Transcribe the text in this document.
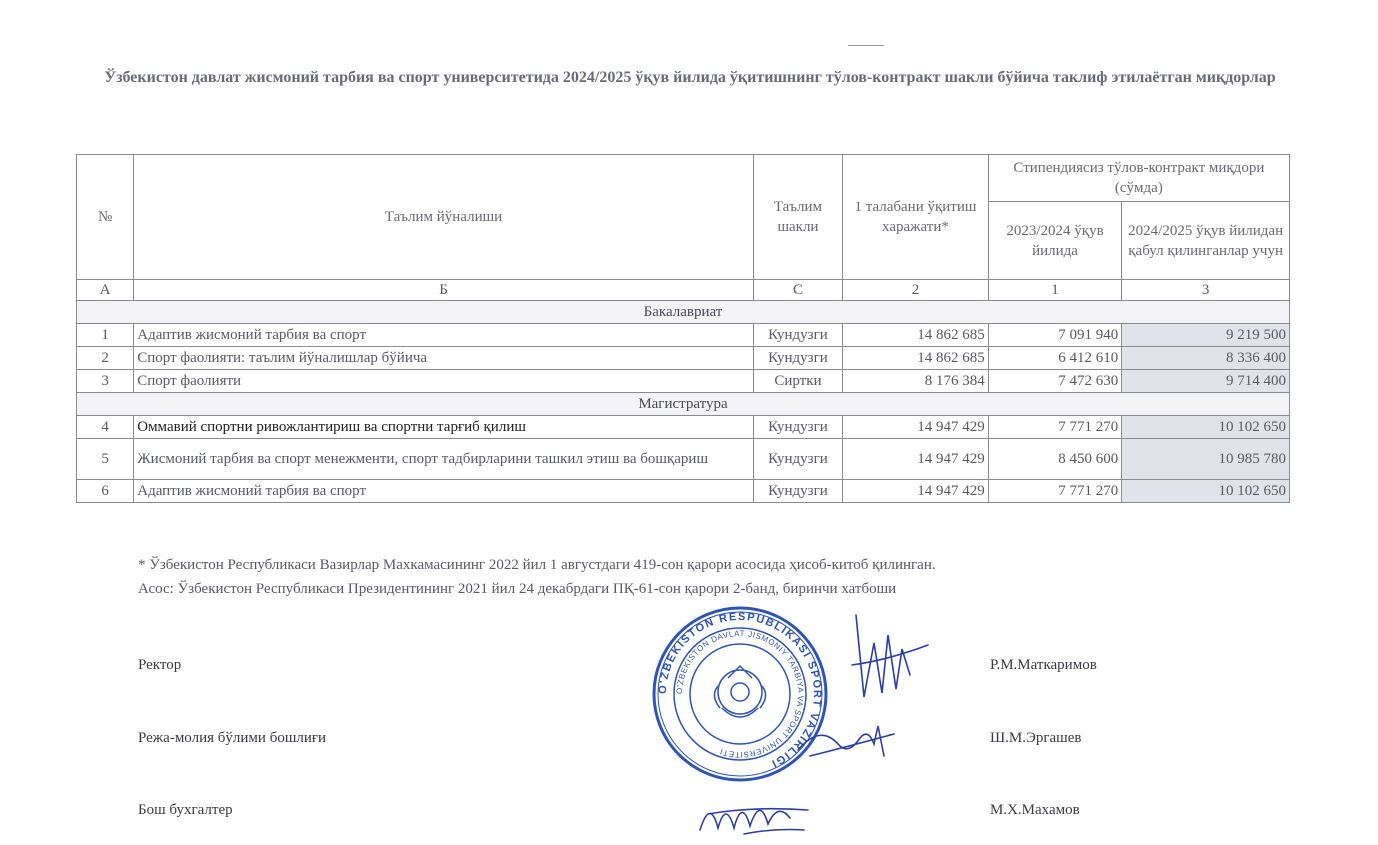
Ўзбекистон давлат жисмоний тарбия ва спорт университетида 2024/2025 ўқув йилида ўқитишнинг тўлов-контракт шакли бўйича таклиф этилаётган миқдорлар
№	Таълим йўналиши	Таълим шакли	1 талабани ўқитиш харажати*	Стипендиясиз тўлов-контракт миқдори (сўмда)	
				2023/2024 ўқув йилида	2024/2025 ўқув йилидан қабул қилинганлар учун
А	Б	С	2	1	3
Бакалавриат					
1	Адаптив жисмоний тарбия ва спорт	Кундузги	14 862 685	7 091 940	9 219 500
2	Спорт фаолияти: таълим йўналишлар бўйича	Кундузги	14 862 685	6 412 610	8 336 400
3	Спорт фаолияти	Сиртки	8 176 384	7 472 630	9 714 400
Магистратура					
4	Оммавий спортни ривожлантириш ва спортни тарғиб қилиш	Кундузги	14 947 429	7 771 270	10 102 650
5	Жисмоний тарбия ва спорт менежменти, спорт тадбирларини ташкил этиш ва бошқариш	Кундузги	14 947 429	8 450 600	10 985 780
6	Адаптив жисмоний тарбия ва спорт	Кундузги	14 947 429	7 771 270	10 102 650
* Ўзбекистон Республикаси Вазирлар Махкамасининг 2022 йил 1 августдаги 419-сон қарори асосида ҳисоб-китоб қилинган.
Асос: Ўзбекистон Республикаси Президентининг 2021 йил 24 декабрдаги ПҚ-61-сон қарори 2-банд, биринчи хатбоши
Ректор	Р.М.Маткаримов
Режа-молия бўлими бошлиғи	Ш.М.Эргашев
Бош бухгалтер	М.Х.Махамов
O'ZBEKISTON RESPUBLIKASI SPORT VAZIRLIGI
O'ZBEKISTON DAVLAT JISMONIY TARBIYA VA SPORT UNIVERSITETI
